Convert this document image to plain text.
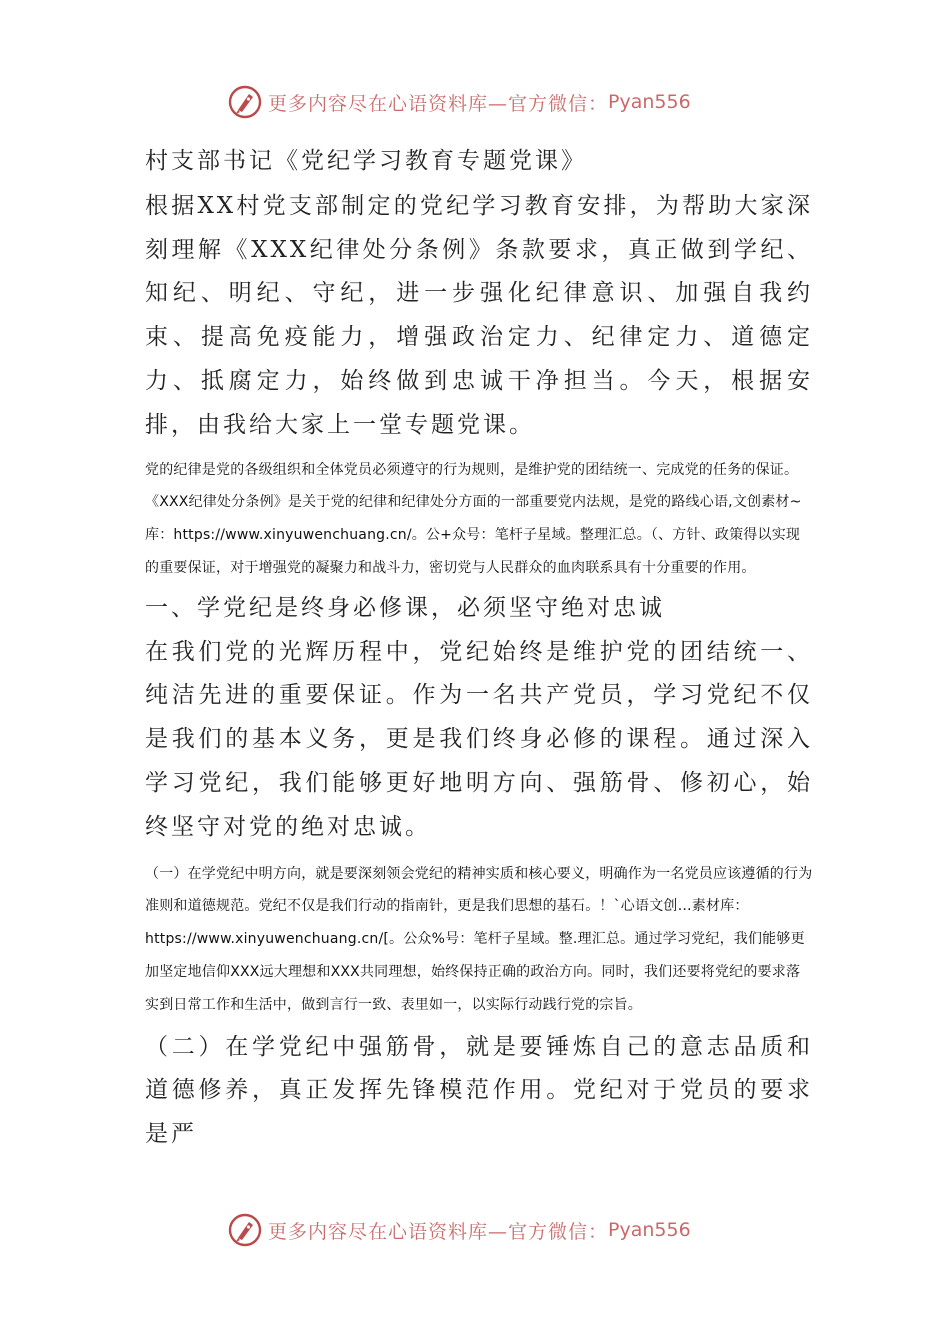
更多内容尽在心语资料库—官方微信： Pyan556

村支部书记《党纪学习教育专题党课》

根据XX村党支部制定的党纪学习教育安排，为帮助大家深刻理解《XXX纪律处分条例》条款要求，真正做到学纪、知纪、明纪、守纪，进一步强化纪律意识、加强自我约束、提高免疫能力，增强政治定力、纪律定力、道德定力、抵腐定力，始终做到忠诚干净担当。今天，根据安排，由我给大家上一堂专题党课。

党的纪律是党的各级组织和全体党员必须遵守的行为规则，是维护党的团结统一、完成党的任务的保证。《XXX纪律处分条例》是关于党的纪律和纪律处分方面的一部重要党内法规，是党的路线心语,文创素材~库：https://www.xinyuwenchuang.cn/。公+众号：笔杆子星域。整理汇总。（、方针、政策得以实现的重要保证，对于增强党的凝聚力和战斗力，密切党与人民群众的血肉联系具有十分重要的作用。

一、学党纪是终身必修课，必须坚守绝对忠诚

在我们党的光辉历程中，党纪始终是维护党的团结统一、纯洁先进的重要保证。作为一名共产党员，学习党纪不仅是我们的基本义务，更是我们终身必修的课程。通过深入学习党纪，我们能够更好地明方向、强筋骨、修初心，始终坚守对党的绝对忠诚。

（一）在学党纪中明方向，就是要深刻领会党纪的精神实质和核心要义，明确作为一名党员应该遵循的行为准则和道德规范。党纪不仅是我们行动的指南针，更是我们思想的基石。！`心语文创…素材库：https://www.xinyuwenchuang.cn/[。公众%号：笔杆子星域。整.理汇总。通过学习党纪，我们能够更加坚定地信仰XXX远大理想和XXX共同理想，始终保持正确的政治方向。同时，我们还要将党纪的要求落实到日常工作和生活中，做到言行一致、表里如一，以实际行动践行党的宗旨。

（二）在学党纪中强筋骨，就是要锤炼自己的意志品质和道德修养，真正发挥先锋模范作用。党纪对于党员的要求是严

更多内容尽在心语资料库—官方微信： Pyan556
